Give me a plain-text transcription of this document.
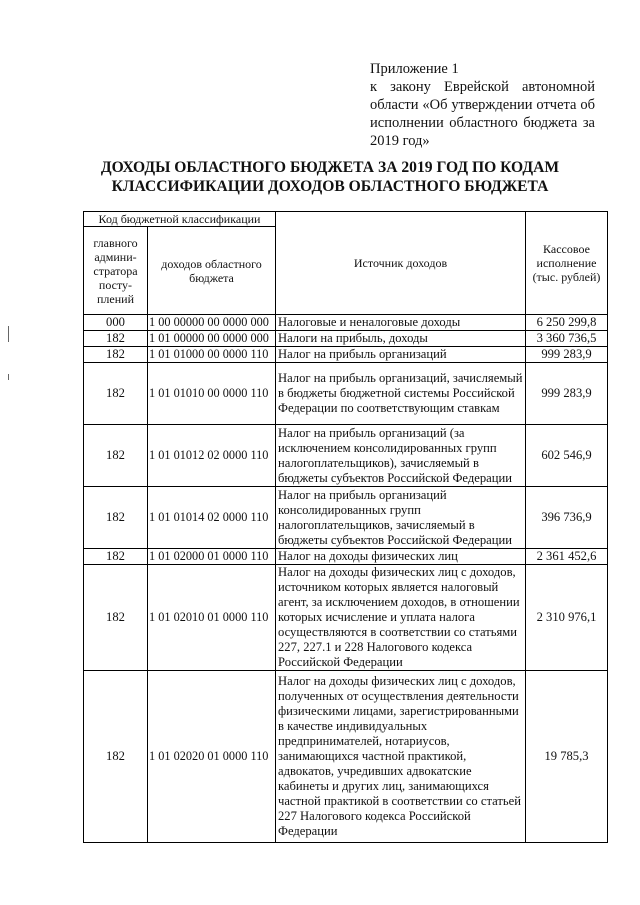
Приложение 1
к закону Еврейской автономной области «Об утверждении отчета об исполнении областного бюджета за 2019 год»
ДОХОДЫ ОБЛАСТНОГО БЮДЖЕТА ЗА 2019 ГОД ПО КОДАМ
КЛАССИФИКАЦИИ ДОХОДОВ ОБЛАСТНОГО БЮДЖЕТА
Код бюджетной классификации		Источник доходов	Кассовое исполнение (тыс. рублей)
главного админи-стратора посту-плений	доходов областного бюджета		
000	1 00 00000 00 0000 000	Налоговые и неналоговые доходы	6 250 299,8
182	1 01 00000 00 0000 000	Налоги на прибыль, доходы	3 360 736,5
182	1 01 01000 00 0000 110	Налог на прибыль организаций	999 283,9
182	1 01 01010 00 0000 110	Налог на прибыль организаций, зачисляемый в бюджеты бюджетной системы Российской Федерации по соответствующим ставкам	999 283,9
182	1 01 01012 02 0000 110	Налог на прибыль организаций (за исключением консолидированных групп налогоплательщиков), зачисляемый в бюджеты субъектов Российской Федерации	602 546,9
182	1 01 01014 02 0000 110	Налог на прибыль организаций консолидированных групп налогоплательщиков, зачисляемый в бюджеты субъектов Российской Федерации	396 736,9
182	1 01 02000 01 0000 110	Налог на доходы физических лиц	2 361 452,6
182	1 01 02010 01 0000 110	Налог на доходы физических лиц с доходов, источником которых является налоговый агент, за исключением доходов, в отношении которых исчисление и уплата налога осуществляются в соответствии со статьями 227, 227.1 и 228 Налогового кодекса Российской Федерации	2 310 976,1
182	1 01 02020 01 0000 110	Налог на доходы физических лиц с доходов, полученных от осуществления деятельности физическими лицами, зарегистрированными в качестве индивидуальных предпринимателей, нотариусов, занимающихся частной практикой, адвокатов, учредивших адвокатские кабинеты и других лиц, занимающихся частной практикой в соответствии со статьей 227 Налогового кодекса Российской Федерации	19 785,3
